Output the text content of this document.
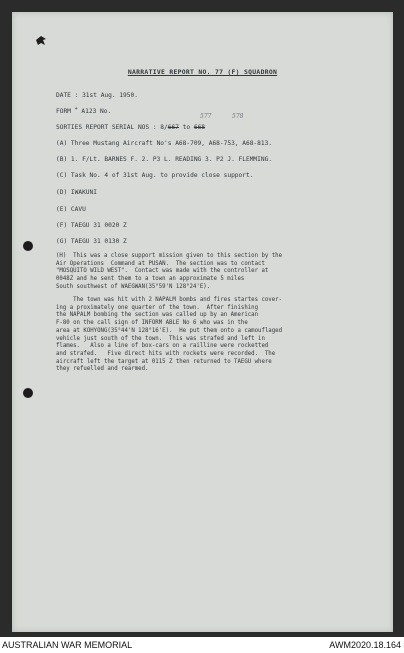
NARRATIVE REPORT NO. 77 (F) SQUADRON
DATE : 31st Aug. 1950.
FORM + A123 No.
577	578
SORTIES REPORT SERIAL NOS : 8/667 to 668
(A) Three Mustang Aircraft No's A68-709, A68-753, A68-813.
(B) 1. F/Lt. BARNES F. 2. P3 L. READING 3. P2 J. FLEMMING.
(C) Task No. 4 of 31st Aug. to provide close support.
(D) IWAKUNI
(E) CAVU
(F) TAEGU 31 0020 Z
(G) TAEGU 31 0130 Z
(H)  This was a close support mission given to this section by the
Air Operations  Command at PUSAN.  The section was to contact
"MOSQUITO WILD WEST".  Contact was made with the controller at
0048Z and he sent them to a town an approximate 5 miles
South southwest of WAEGWAN(35°59'N 128°24'E).
The town was hit with 2 NAPALM bombs and fires startes cover-
ing a proximately one quarter of the town.  After finishing
the NAPALM bombing the section was called up by an American
F-80 on the call sign of INFORM ABLE No 6 who was in the
area at KOHYONG(35°44'N 128°16'E).  He put them onto a camouflaged
vehicle just south of the town.  This was strafed and left in
flames.   Also a line of box-cars on a railline were rocketted
and strafed.   Five direct hits with rockets were recorded.  The
aircraft left the target at 0115 Z then returned to TAEGU where
they refuelled and rearmed.
AUSTRALIAN WAR MEMORIAL	AWM2020.18.164
